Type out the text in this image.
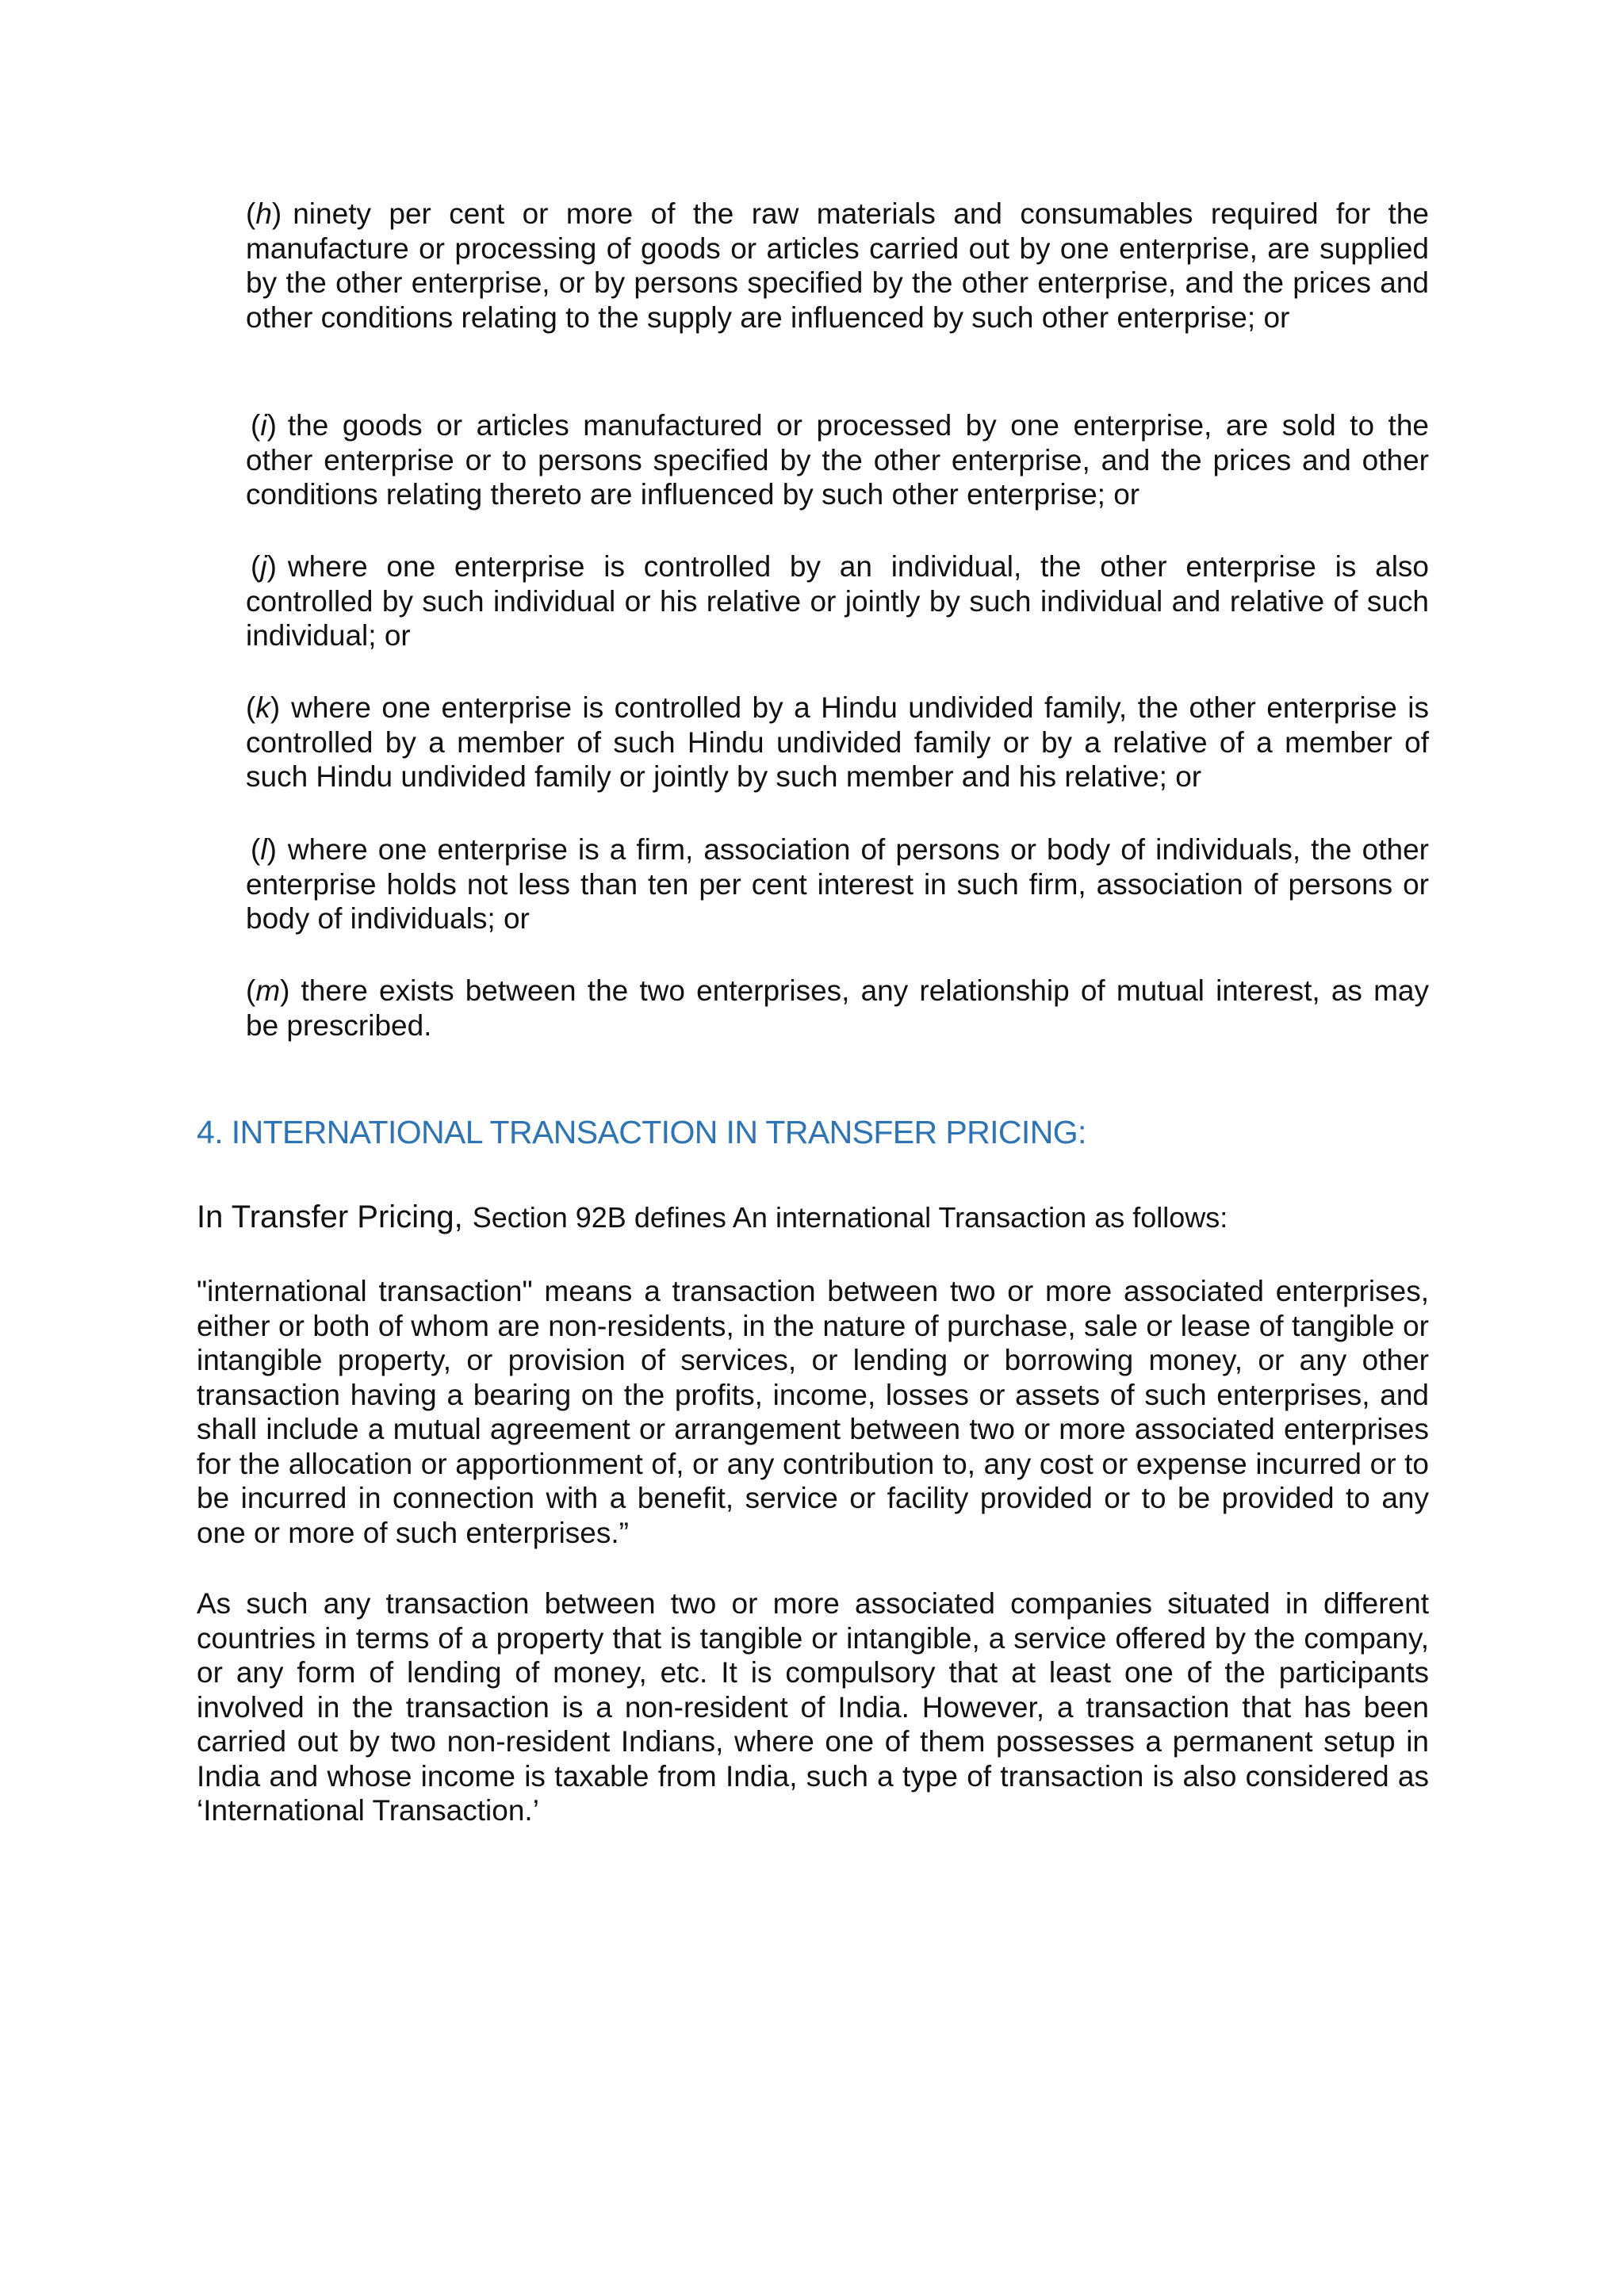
(h) ninety per cent or more of the raw materials and consumables required for the manufacture or processing of goods or articles carried out by one enterprise, are supplied by the other enterprise, or by persons specified by the other enterprise, and the prices and other conditions relating to the supply are influenced by such other enterprise; or

(i) the goods or articles manufactured or processed by one enterprise, are sold to the other enterprise or to persons specified by the other enterprise, and the prices and other conditions relating thereto are influenced by such other enterprise; or

(j) where one enterprise is controlled by an individual, the other enterprise is also controlled by such individual or his relative or jointly by such individual and relative of such individual; or

(k) where one enterprise is controlled by a Hindu undivided family, the other enterprise is controlled by a member of such Hindu undivided family or by a relative of a member of such Hindu undivided family or jointly by such member and his relative; or

(l) where one enterprise is a firm, association of persons or body of individuals, the other enterprise holds not less than ten per cent interest in such firm, association of persons or body of individuals; or

(m) there exists between the two enterprises, any relationship of mutual interest, as may be prescribed.

4. INTERNATIONAL TRANSACTION IN TRANSFER PRICING:

In Transfer Pricing, Section 92B defines An international Transaction as follows:

"international transaction" means a transaction between two or more associated enterprises, either or both of whom are non-residents, in the nature of purchase, sale or lease of tangible or intangible property, or provision of services, or lending or borrowing money, or any other transaction having a bearing on the profits, income, losses or assets of such enterprises, and shall include a mutual agreement or arrangement between two or more associated enterprises for the allocation or apportionment of, or any contribution to, any cost or expense incurred or to be incurred in connection with a benefit, service or facility provided or to be provided to any one or more of such enterprises.”

As such any transaction between two or more associated companies situated in different countries in terms of a property that is tangible or intangible, a service offered by the company, or any form of lending of money, etc. It is compulsory that at least one of the participants involved in the transaction is a non-resident of India. However, a transaction that has been carried out by two non-resident Indians, where one of them possesses a permanent setup in India and whose income is taxable from India, such a type of transaction is also considered as ‘International Transaction.’
